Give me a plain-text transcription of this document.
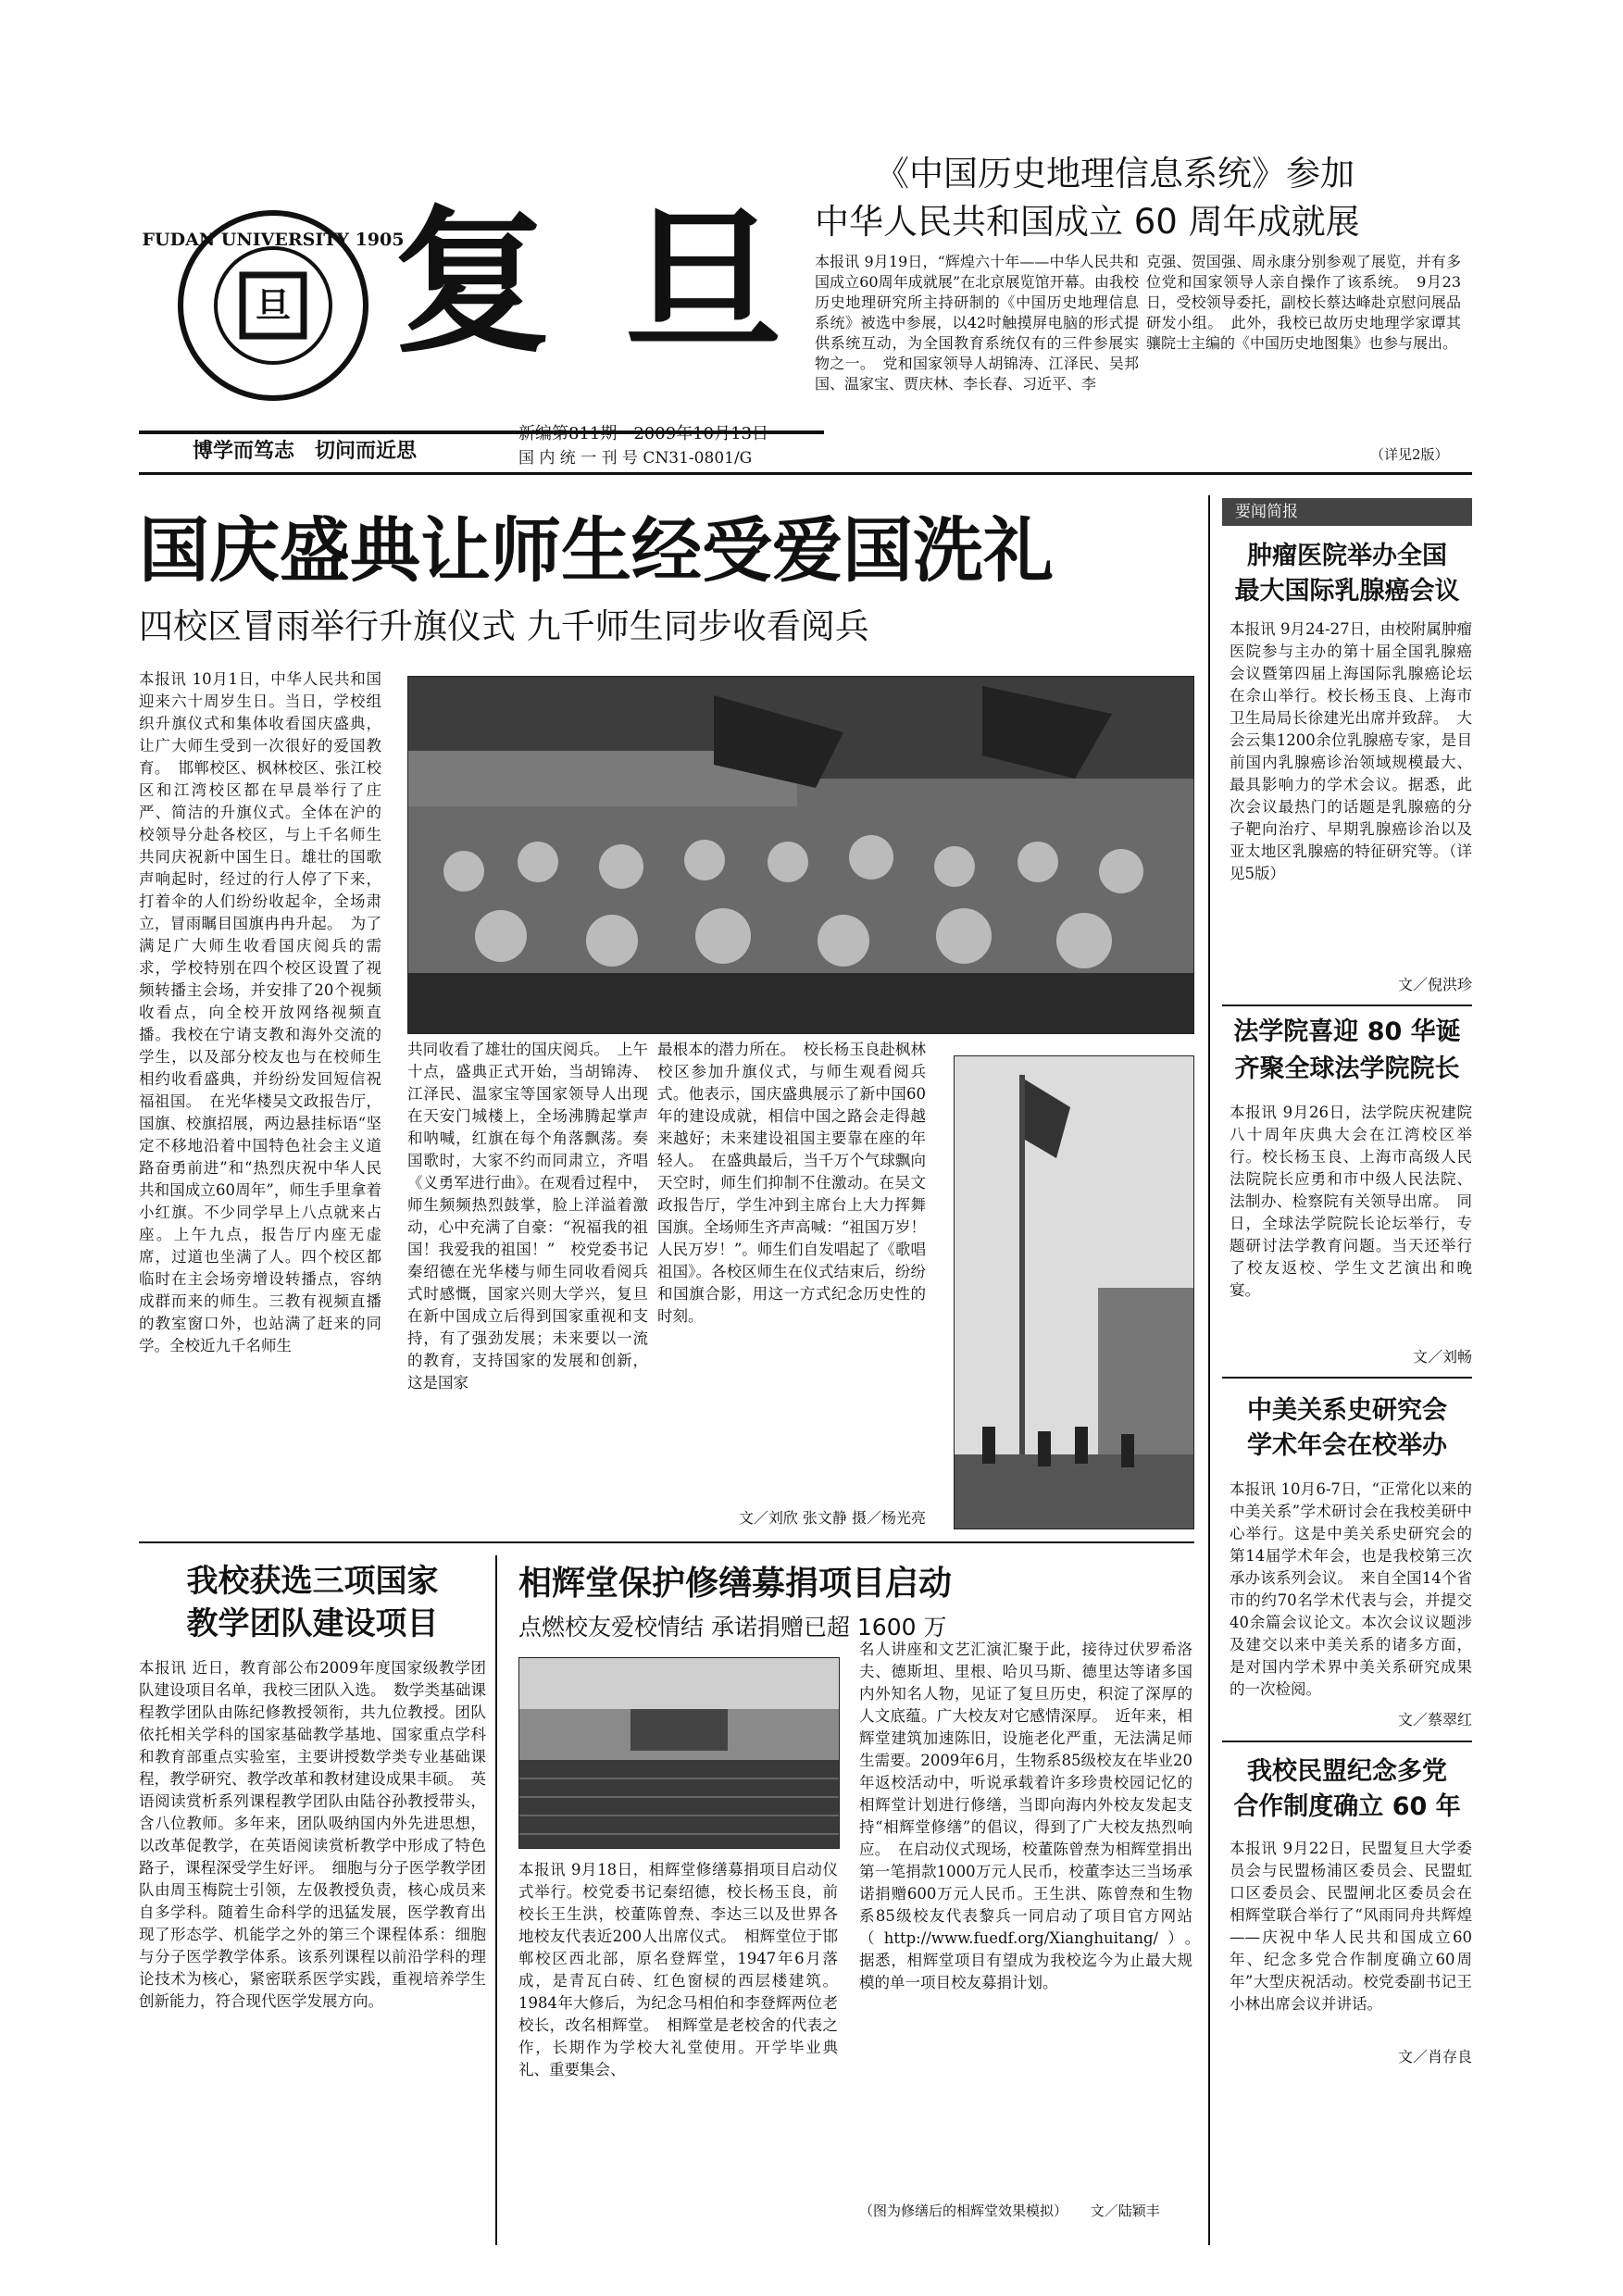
旦
FUDAN UNIVERSITY 1905
复 旦
博学而笃志　切问而近思
新编第811期　2009年10月13日
国 内 统 一 刊 号 CN31-0801/G
《中国历史地理信息系统》参加
中华人民共和国成立 60 周年成就展
本报讯 9月19日，“辉煌六十年——中华人民共和国成立60周年成就展”在北京展览馆开幕。由我校历史地理研究所主持研制的《中国历史地理信息系统》被选中参展，以42吋触摸屏电脑的形式提供系统互动，为全国教育系统仅有的三件参展实物之一。　党和国家领导人胡锦涛、江泽民、吴邦国、温家宝、贾庆林、李长春、习近平、李
克强、贺国强、周永康分别参观了展览，并有多位党和国家领导人亲自操作了该系统。　9月23日，受校领导委托，副校长蔡达峰赴京慰问展品研发小组。　此外，我校已故历史地理学家谭其骧院士主编的《中国历史地图集》也参与展出。
（详见2版）
国庆盛典让师生经受爱国洗礼
四校区冒雨举行升旗仪式 九千师生同步收看阅兵
本报讯 10月1日，中华人民共和国迎来六十周岁生日。当日，学校组织升旗仪式和集体收看国庆盛典，让广大师生受到一次很好的爱国教育。　邯郸校区、枫林校区、张江校区和江湾校区都在早晨举行了庄严、简洁的升旗仪式。全体在沪的校领导分赴各校区，与上千名师生共同庆祝新中国生日。雄壮的国歌声响起时，经过的行人停了下来，打着伞的人们纷纷收起伞，全场肃立，冒雨瞩目国旗冉冉升起。　为了满足广大师生收看国庆阅兵的需求，学校特别在四个校区设置了视频转播主会场，并安排了20个视频收看点，向全校开放网络视频直播。我校在宁请支教和海外交流的学生，以及部分校友也与在校师生相约收看盛典，并纷纷发回短信祝福祖国。　在光华楼吴文政报告厅，国旗、校旗招展，两边悬挂标语“坚定不移地沿着中国特色社会主义道路奋勇前进”和“热烈庆祝中华人民共和国成立60周年”，师生手里拿着小红旗。不少同学早上八点就来占座。上午九点，报告厅内座无虚席，过道也坐满了人。四个校区都临时在主会场旁增设转播点，容纳成群而来的师生。三教有视频直播的教室窗口外，也站满了赶来的同学。全校近九千名师生
共同收看了雄壮的国庆阅兵。　上午十点，盛典正式开始，当胡锦涛、江泽民、温家宝等国家领导人出现在天安门城楼上，全场沸腾起掌声和呐喊，红旗在每个角落飘荡。奏国歌时，大家不约而同肃立，齐唱《义勇军进行曲》。在观看过程中，师生频频热烈鼓掌，脸上洋溢着激动，心中充满了自豪：“祝福我的祖国！我爱我的祖国！”　校党委书记秦绍德在光华楼与师生同收看阅兵式时感慨，国家兴则大学兴，复旦在新中国成立后得到国家重视和支持，有了强劲发展；未来要以一流的教育，支持国家的发展和创新，这是国家
最根本的潜力所在。　校长杨玉良赴枫林校区参加升旗仪式，与师生观看阅兵式。他表示，国庆盛典展示了新中国60年的建设成就，相信中国之路会走得越来越好；未来建设祖国主要靠在座的年轻人。　在盛典最后，当千万个气球飘向天空时，师生们抑制不住激动。在吴文政报告厅，学生冲到主席台上大力挥舞国旗。全场师生齐声高喊：“祖国万岁！人民万岁！”。师生们自发唱起了《歌唱祖国》。各校区师生在仪式结束后，纷纷和国旗合影，用这一方式纪念历史性的时刻。
文／刘欣 张文静 摄／杨光亮
要闻简报
肿瘤医院举办全国
最大国际乳腺癌会议
本报讯 9月24-27日，由校附属肿瘤医院参与主办的第十届全国乳腺癌会议暨第四届上海国际乳腺癌论坛在佘山举行。校长杨玉良、上海市卫生局局长徐建光出席并致辞。　大会云集1200余位乳腺癌专家，是目前国内乳腺癌诊治领域规模最大、最具影响力的学术会议。据悉，此次会议最热门的话题是乳腺癌的分子靶向治疗、早期乳腺癌诊治以及亚太地区乳腺癌的特征研究等。（详见5版）
文／倪洪珍
法学院喜迎 80 华诞
齐聚全球法学院院长
本报讯 9月26日，法学院庆祝建院八十周年庆典大会在江湾校区举行。校长杨玉良、上海市高级人民法院院长应勇和市中级人民法院、法制办、检察院有关领导出席。　同日，全球法学院院长论坛举行，专题研讨法学教育问题。当天还举行了校友返校、学生文艺演出和晚宴。
文／刘畅
中美关系史研究会
学术年会在校举办
本报讯 10月6-7日，“正常化以来的中美关系”学术研讨会在我校美研中心举行。这是中美关系史研究会的第14届学术年会，也是我校第三次承办该系列会议。　来自全国14个省市的约70名学术代表与会，并提交40余篇会议论文。本次会议议题涉及建交以来中美关系的诸多方面，是对国内学术界中美关系研究成果的一次检阅。
文／蔡翠红
我校民盟纪念多党
合作制度确立 60 年
本报讯 9月22日，民盟复旦大学委员会与民盟杨浦区委员会、民盟虹口区委员会、民盟闸北区委员会在相辉堂联合举行了“风雨同舟共辉煌——庆祝中华人民共和国成立60年、纪念多党合作制度确立60周年”大型庆祝活动。校党委副书记王小林出席会议并讲话。
文／肖存良
我校获选三项国家
教学团队建设项目
本报讯 近日，教育部公布2009年度国家级教学团队建设项目名单，我校三团队入选。　数学类基础课程教学团队由陈纪修教授领衔，共九位教授。团队依托相关学科的国家基础教学基地、国家重点学科和教育部重点实验室，主要讲授数学类专业基础课程，教学研究、教学改革和教材建设成果丰硕。　英语阅读赏析系列课程教学团队由陆谷孙教授带头，含八位教师。多年来，团队吸纳国内外先进思想，以改革促教学，在英语阅读赏析教学中形成了特色路子，课程深受学生好评。　细胞与分子医学教学团队由周玉梅院士引领，左伋教授负责，核心成员来自多学科。随着生命科学的迅猛发展，医学教育出现了形态学、机能学之外的第三个课程体系：细胞与分子医学教学体系。该系列课程以前沿学科的理论技术为核心，紧密联系医学实践，重视培养学生创新能力，符合现代医学发展方向。
相辉堂保护修缮募捐项目启动
点燃校友爱校情结 承诺捐赠已超 1600 万
本报讯 9月18日，相辉堂修缮募捐项目启动仪式举行。校党委书记秦绍德，校长杨玉良，前校长王生洪，校董陈曾焘、李达三以及世界各地校友代表近200人出席仪式。　相辉堂位于邯郸校区西北部，原名登辉堂，1947年6月落成，是青瓦白砖、红色窗棂的西层楼建筑。1984年大修后，为纪念马相伯和李登辉两位老校长，改名相辉堂。　相辉堂是老校舍的代表之作，长期作为学校大礼堂使用。开学毕业典礼、重要集会、
名人讲座和文艺汇演汇聚于此，接待过伏罗希洛夫、德斯坦、里根、哈贝马斯、德里达等诸多国内外知名人物，见证了复旦历史，积淀了深厚的人文底蕴。广大校友对它感情深厚。　近年来，相辉堂建筑加速陈旧，设施老化严重，无法满足师生需要。2009年6月，生物系85级校友在毕业20年返校活动中，听说承载着许多珍贵校园记忆的相辉堂计划进行修缮，当即向海内外校友发起支持“相辉堂修缮”的倡议，得到了广大校友热烈响应。　在启动仪式现场，校董陈曾焘为相辉堂捐出第一笔捐款1000万元人民币，校董李达三当场承诺捐赠600万元人民币。王生洪、陈曾焘和生物系85级校友代表黎兵一同启动了项目官方网站（http://www.fuedf.org/Xianghuitang/）。　据悉，相辉堂项目有望成为我校迄今为止最大规模的单一项目校友募捐计划。
（图为修缮后的相辉堂效果模拟） 文／陆颖丰
